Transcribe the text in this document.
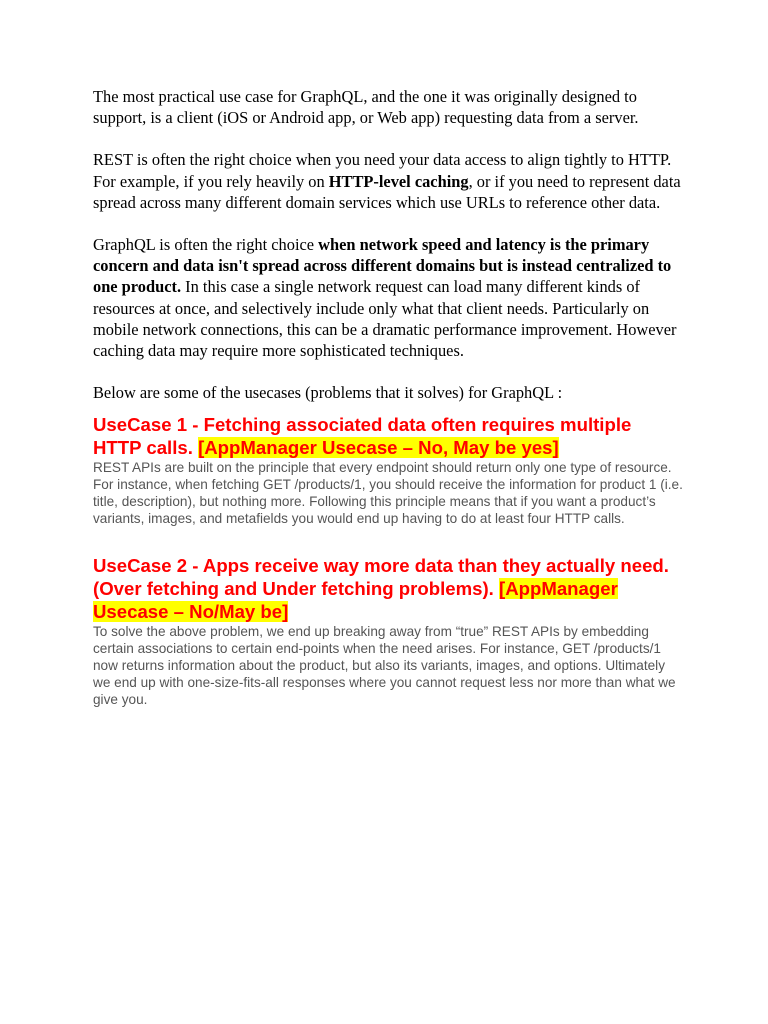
The most practical use case for GraphQL, and the one it was originally designed to support, is a client (iOS or Android app, or Web app) requesting data from a server.

REST is often the right choice when you need your data access to align tightly to HTTP. For example, if you rely heavily on HTTP-level caching, or if you need to represent data spread across many different domain services which use URLs to reference other data.

GraphQL is often the right choice when network speed and latency is the primary concern and data isn't spread across different domains but is instead centralized to one product. In this case a single network request can load many different kinds of resources at once, and selectively include only what that client needs. Particularly on mobile network connections, this can be a dramatic performance improvement. However caching data may require more sophisticated techniques.

Below are some of the usecases (problems that it solves) for GraphQL :

UseCase 1 - Fetching associated data often requires multiple HTTP calls. [AppManager Usecase – No, May be yes]

REST APIs are built on the principle that every endpoint should return only one type of resource. For instance, when fetching GET /products/1, you should receive the information for product 1 (i.e. title, description), but nothing more. Following this principle means that if you want a product’s variants, images, and metafields you would end up having to do at least four HTTP calls.

UseCase 2 - Apps receive way more data than they actually need. (Over fetching and Under fetching problems). [AppManager Usecase – No/May be]

To solve the above problem, we end up breaking away from “true” REST APIs by embedding certain associations to certain end-points when the need arises. For instance, GET /products/1 now returns information about the product, but also its variants, images, and options. Ultimately we end up with one-size-fits-all responses where you cannot request less nor more than what we give you.
